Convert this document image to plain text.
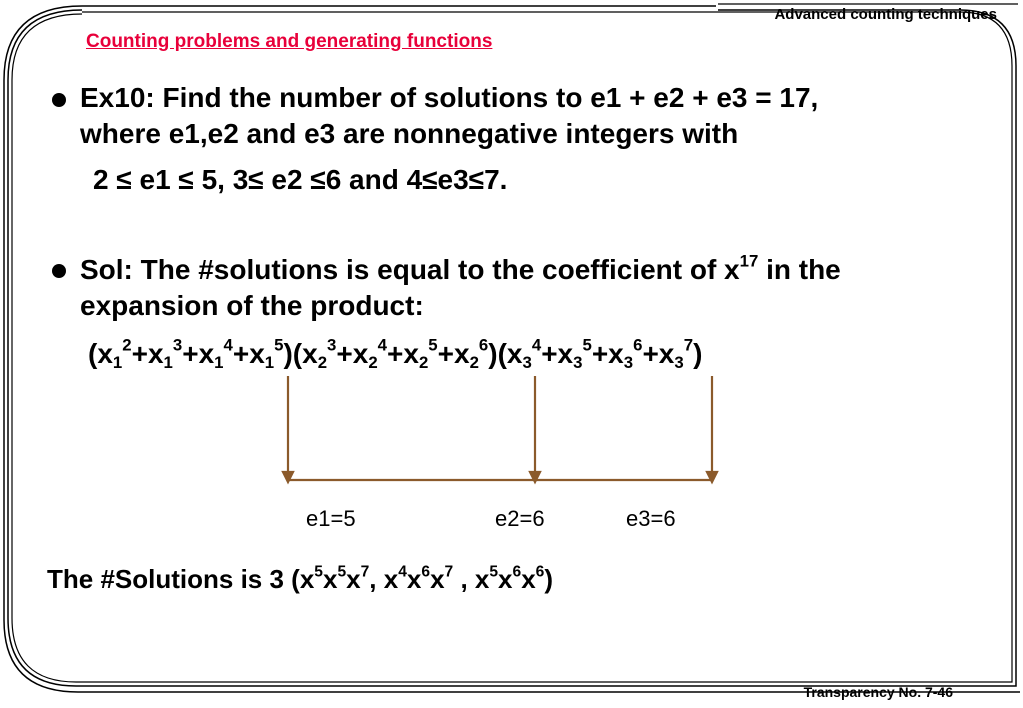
Advanced counting techniques
Counting problems and generating functions
Ex10: Find the number of solutions to e1 + e2 + e3 = 17,
where e1,e2 and e3 are nonnegative integers with
2 ≤ e1 ≤ 5, 3≤ e2 ≤6 and 4≤e3≤7.
Sol: The #solutions is equal to the coefficient of $x^{17}$ in the
expansion of the product:
$(x_1^2+x_1^3+x_1^4+x_1^5)(x_2^3+x_2^4+x_2^5+x_2^6)(x_3^4+x_3^5+x_3^6+x_3^7)$
e1=5	e2=6	e3=6
The #Solutions is 3 ($x^5x^5x^7$, $x^4x^6x^7$ , $x^5x^6x^6$)
Transparency No. 7-46
